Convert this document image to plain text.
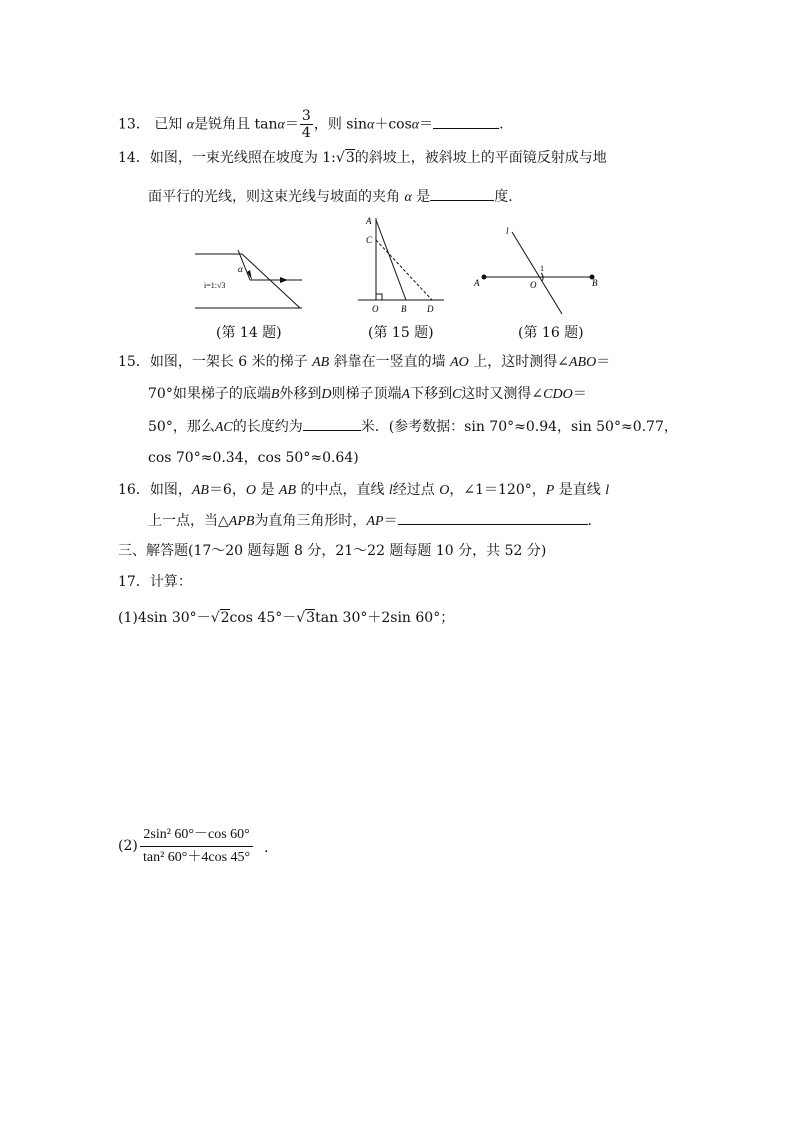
13． 已知 α是锐角且 $\tan\alpha= \frac{3}{4}$ ，则 sinα＋cosα＝	.
14．如图，一束光线照在坡度为 1:√3的斜坡上，被斜坡上的平面镜反射成与地
面平行的光线，则这束光线与坡面的夹角 α 是	度.
α
i=1:√3
(第 14 题)
A
C
O	B D
(第 15 题)
l
1
A	O	B
(第 16 题)
15．如图，一架长 6 米的梯子 AB 斜靠在一竖直的墙 AO 上，这时测得∠ABO＝
70°如果梯子的底端B外移到D则梯子顶端A下移到C这时又测得∠CDO＝
50°，那么AC的长度约为	米．(参考数据：sin 70°≈0.94，sin 50°≈0.77，
cos 70°≈0.34，cos 50°≈0.64)
16．如图，AB＝6，O 是 AB 的中点，直线 l经过点 O，∠1＝120°，P 是直线 l
上一点，当△APB为直角三角形时，AP＝	.
三、解答题(17～20 题每题 8 分，21～22 题每题 10 分，共 52 分)
17．计算：
(1)4sin 30°－√2cos 45°－√3tan 30°＋2sin 60°；
$(2) \frac{\text{2sin² 60°－cos 60°}}{\text{tan² 60°＋4cos 45°}}$ .
